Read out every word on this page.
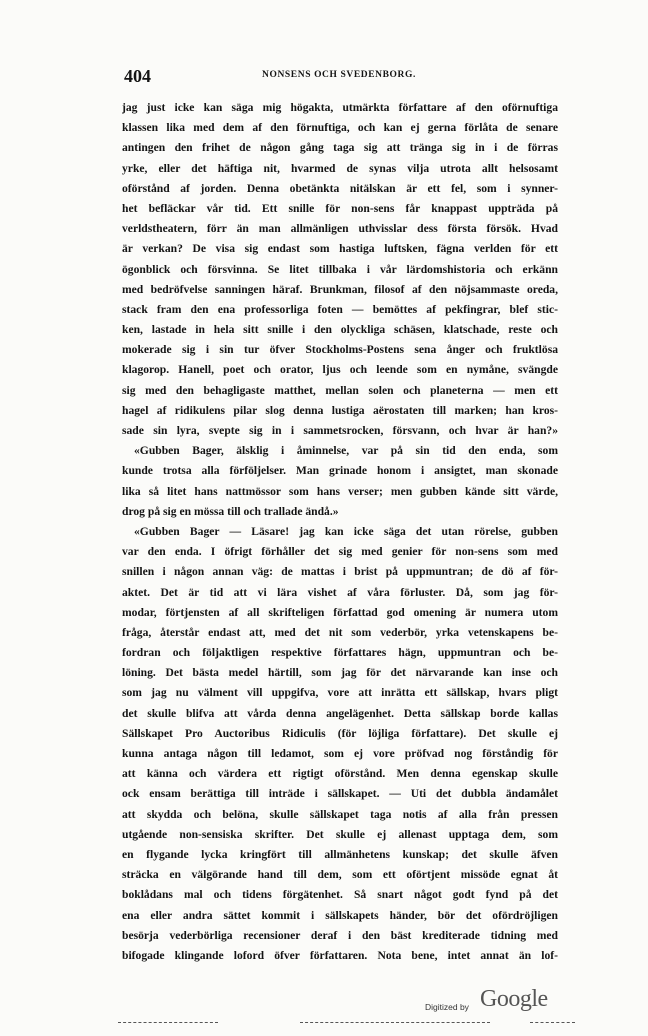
404	NONSENS OCH SVEDENBORG.
jag just icke kan säga mig högakta, utmärkta författare af den oförnuftiga
klassen lika med dem af den förnuftiga, och kan ej gerna förlåta de senare
antingen den frihet de någon gång taga sig att tränga sig in i de förras
yrke, eller det häftiga nit, hvarmed de synas vilja utrota allt helsosamt
oförstånd af jorden. Denna obetänkta nitälskan är ett fel, som i synner-
het befläckar vår tid. Ett snille för non-sens får knappast uppträda på
verldstheatern, förr än man allmänligen uthvisslar dess första försök. Hvad
är verkan? De visa sig endast som hastiga luftsken, fägna verlden för ett
ögonblick och försvinna. Se litet tillbaka i vår lärdomshistoria och erkänn
med bedröfvelse sanningen häraf. Brunkman, filosof af den nöjsammaste oreda,
stack fram den ena professorliga foten — bemöttes af pekfingrar, blef stic-
ken, lastade in hela sitt snille i den olyckliga schäsen, klatschade, reste och
mokerade sig i sin tur öfver Stockholms-Postens sena ånger och fruktlösa
klagorop. Hanell, poet och orator, ljus och leende som en nymåne, svängde
sig med den behagligaste matthet, mellan solen och planeterna — men ett
hagel af ridikulens pilar slog denna lustiga aërostaten till marken; han kros-
sade sin lyra, svepte sig in i sammetsrocken, försvann, och hvar är han?»
«Gubben Bager, älsklig i åminnelse, var på sin tid den enda, som
kunde trotsa alla förföljelser. Man grinade honom i ansigtet, man skonade
lika så litet hans nattmössor som hans verser; men gubben kände sitt värde,
drog på sig en mössa till och trallade ändå.»
«Gubben Bager — Läsare! jag kan icke säga det utan rörelse, gubben
var den enda. I öfrigt förhåller det sig med genier för non-sens som med
snillen i någon annan väg: de mattas i brist på uppmuntran; de dö af för-
aktet. Det är tid att vi lära vishet af våra förluster. Då, som jag för-
modar, förtjensten af all skrifteligen författad god omening är numera utom
fråga, återstår endast att, med det nit som vederbör, yrka vetenskapens be-
fordran och följaktligen respektive författares hägn, uppmuntran och be-
löning. Det bästa medel härtill, som jag för det närvarande kan inse och
som jag nu välment vill uppgifva, vore att inrätta ett sällskap, hvars pligt
det skulle blifva att vårda denna angelägenhet. Detta sällskap borde kallas
Sällskapet Pro Auctoribus Ridiculis (för löjliga författare). Det skulle ej
kunna antaga någon till ledamot, som ej vore pröfvad nog förståndig för
att känna och värdera ett rigtigt oförstånd. Men denna egenskap skulle
ock ensam berättiga till inträde i sällskapet. — Uti det dubbla ändamålet
att skydda och belöna, skulle sällskapet taga notis af alla från pressen
utgående non-sensiska skrifter. Det skulle ej allenast upptaga dem, som
en flygande lycka kringfört till allmänhetens kunskap; det skulle äfven
sträcka en välgörande hand till dem, som ett oförtjent missöde egnat åt
boklådans mal och tidens förgätenhet. Så snart något godt fynd på det
ena eller andra sättet kommit i sällskapets händer, bör det ofördröjligen
besörja vederbörliga recensioner deraf i den bäst krediterade tidning med
bifogade klingande loford öfver författaren. Nota bene, intet annat än lof-
Digitized by Google
